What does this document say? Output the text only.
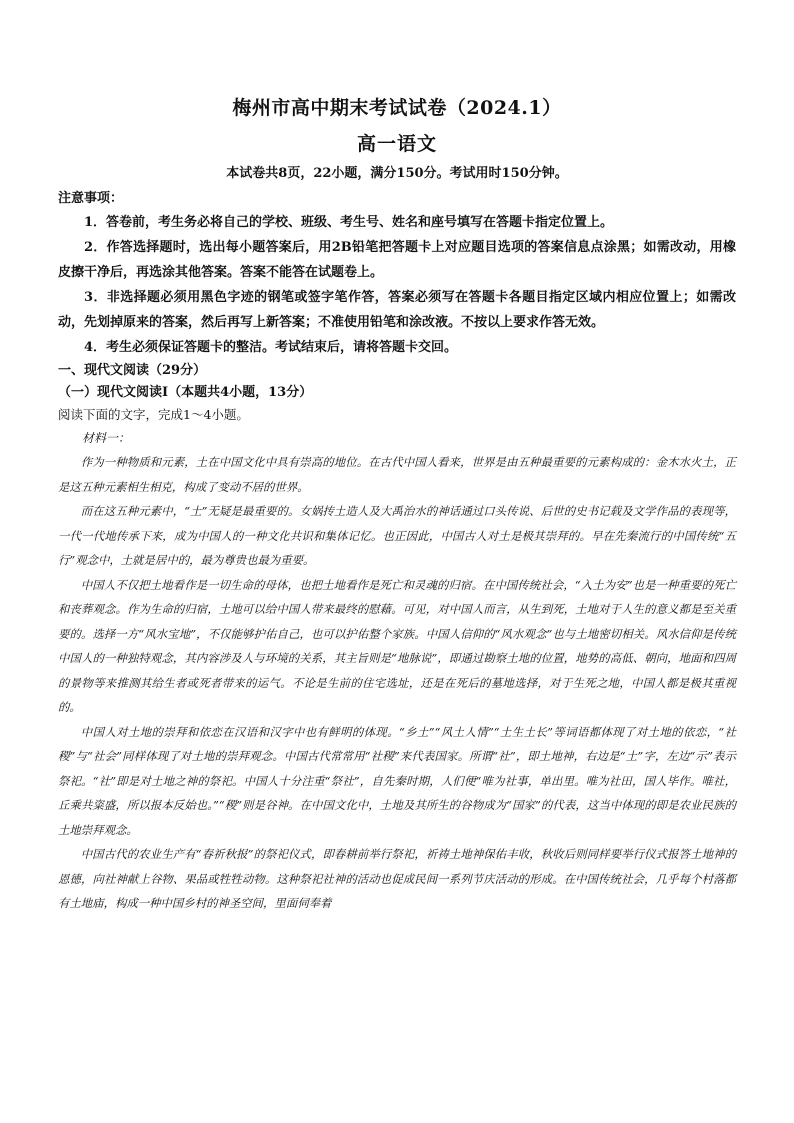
梅州市高中期末考试试卷（2024.1）
高一语文
本试卷共8页，22小题，满分150分。考试用时150分钟。
注意事项：

1．答卷前，考生务必将自己的学校、班级、考生号、姓名和座号填写在答题卡指定位置上。

2．作答选择题时，选出每小题答案后，用2B铅笔把答题卡上对应题目选项的答案信息点涂黑；如需改动，用橡皮擦干净后，再选涂其他答案。答案不能答在试题卷上。

3．非选择题必须用黑色字迹的钢笔或签字笔作答，答案必须写在答题卡各题目指定区域内相应位置上；如需改动，先划掉原来的答案，然后再写上新答案；不准使用铅笔和涂改液。不按以上要求作答无效。

4．考生必须保证答题卡的整洁。考试结束后，请将答题卡交回。

一、现代文阅读（29分）
（一）现代文阅读Ⅰ（本题共4小题，13分）
阅读下面的文字，完成1～4小题。
材料一：

作为一种物质和元素，土在中国文化中具有崇高的地位。在古代中国人看来，世界是由五种最重要的元素构成的：金木水火土，正是这五种元素相生相克，构成了变动不居的世界。

而在这五种元素中，“土”无疑是最重要的。女娲抟土造人及大禹治水的神话通过口头传说、后世的史书记载及文学作品的表现等，一代一代地传承下来，成为中国人的一种文化共识和集体记忆。也正因此，中国古人对土是极其崇拜的。早在先秦流行的中国传统“五行”观念中，土就是居中的，最为尊贵也最为重要。

中国人不仅把土地看作是一切生命的母体，也把土地看作是死亡和灵魂的归宿。在中国传统社会，“入土为安”也是一种重要的死亡和丧葬观念。作为生命的归宿，土地可以给中国人带来最终的慰藉。可见，对中国人而言，从生到死，土地对于人生的意义都是至关重要的。选择一方“风水宝地”，不仅能够护佑自己，也可以护佑整个家族。中国人信仰的“风水观念”也与土地密切相关。风水信仰是传统中国人的一种独特观念，其内容涉及人与环境的关系，其主旨则是“地脉说”，即通过勘察土地的位置，地势的高低、朝向，地面和四周的景物等来推测其给生者或死者带来的运气。不论是生前的住宅选址，还是在死后的墓地选择，对于生死之地，中国人都是极其重视的。

中国人对土地的崇拜和依恋在汉语和汉字中也有鲜明的体现。“乡土”“风土人情”“土生土长”等词语都体现了对土地的依恋，“社稷”与“社会”同样体现了对土地的崇拜观念。中国古代常常用“社稷”来代表国家。所谓“社”，即土地神，右边是“土”字，左边“示”表示祭祀。“社”即是对土地之神的祭祀。中国人十分注重“祭社”，自先秦时期，人们便“唯为社事，单出里。唯为社田，国人毕作。唯社，丘乘共粢盛，所以报本反始也。”“稷”则是谷神。在中国文化中，土地及其所生的谷物成为“国家”的代表，这当中体现的即是农业民族的土地崇拜观念。

中国古代的农业生产有“春祈秋报”的祭祀仪式，即春耕前举行祭祀，祈祷土地神保佑丰收，秋收后则同样要举行仪式报答土地神的恩德，向社神献上谷物、果品或牲牲动物。这种祭祀社神的活动也促成民间一系列节庆活动的形成。在中国传统社会，几乎每个村落都有土地庙，构成一种中国乡村的神圣空间，里面伺奉着
